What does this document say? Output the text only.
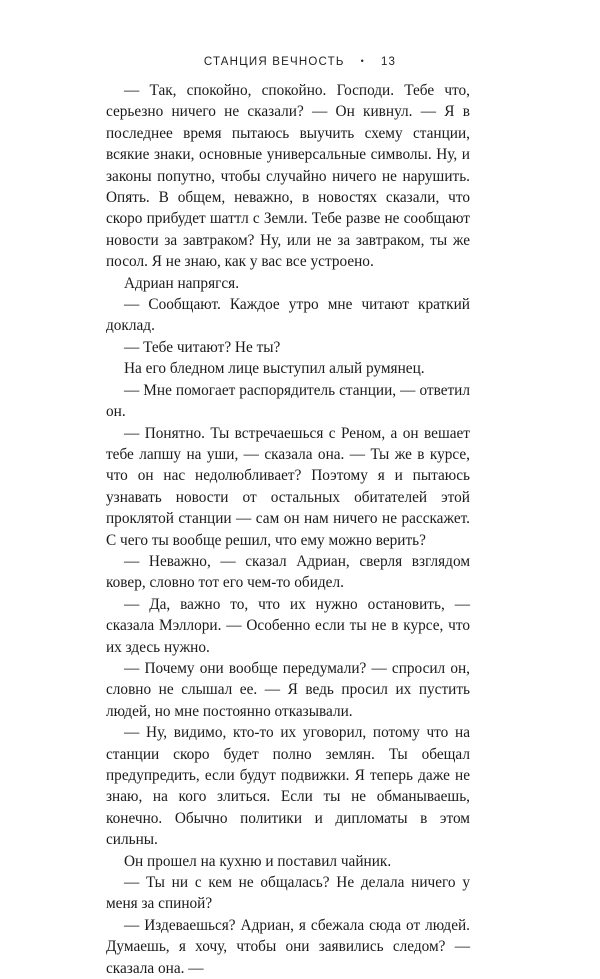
СТАНЦИЯ ВЕЧНОСТЬ • 13

— Так, спокойно, спокойно. Господи. Тебе что, серьезно ничего не сказали? — Он кивнул. — Я в последнее время пытаюсь выучить схему станции, всякие знаки, основные универсальные символы. Ну, и законы попутно, чтобы случайно ничего не нарушить. Опять. В общем, неважно, в новостях сказали, что скоро прибудет шаттл с Земли. Тебе разве не сообщают новости за завтраком? Ну, или не за завтраком, ты же посол. Я не знаю, как у вас все устроено.

Адриан напрягся.

— Сообщают. Каждое утро мне читают краткий доклад.

— Тебе читают? Не ты?

На его бледном лице выступил алый румянец.

— Мне помогает распорядитель станции, — ответил он.

— Понятно. Ты встречаешься с Реном, а он вешает тебе лапшу на уши, — сказала она. — Ты же в курсе, что он нас недолюбливает? Поэтому я и пытаюсь узнавать новости от остальных обитателей этой проклятой станции — сам он нам ничего не расскажет. С чего ты вообще решил, что ему можно верить?

— Неважно, — сказал Адриан, сверля взглядом ковер, словно тот его чем-то обидел.

— Да, важно то, что их нужно остановить, — сказала Мэллори. — Особенно если ты не в курсе, что их здесь нужно.

— Почему они вообще передумали? — спросил он, словно не слышал ее. — Я ведь просил их пустить людей, но мне постоянно отказывали.

— Ну, видимо, кто-то их уговорил, потому что на станции скоро будет полно землян. Ты обещал предупредить, если будут подвижки. Я теперь даже не знаю, на кого злиться. Если ты не обманываешь, конечно. Обычно политики и дипломаты в этом сильны.

Он прошел на кухню и поставил чайник.

— Ты ни с кем не общалась? Не делала ничего у меня за спиной?

— Издеваешься? Адриан, я сбежала сюда от людей. Думаешь, я хочу, чтобы они заявились следом? — сказала она. —
